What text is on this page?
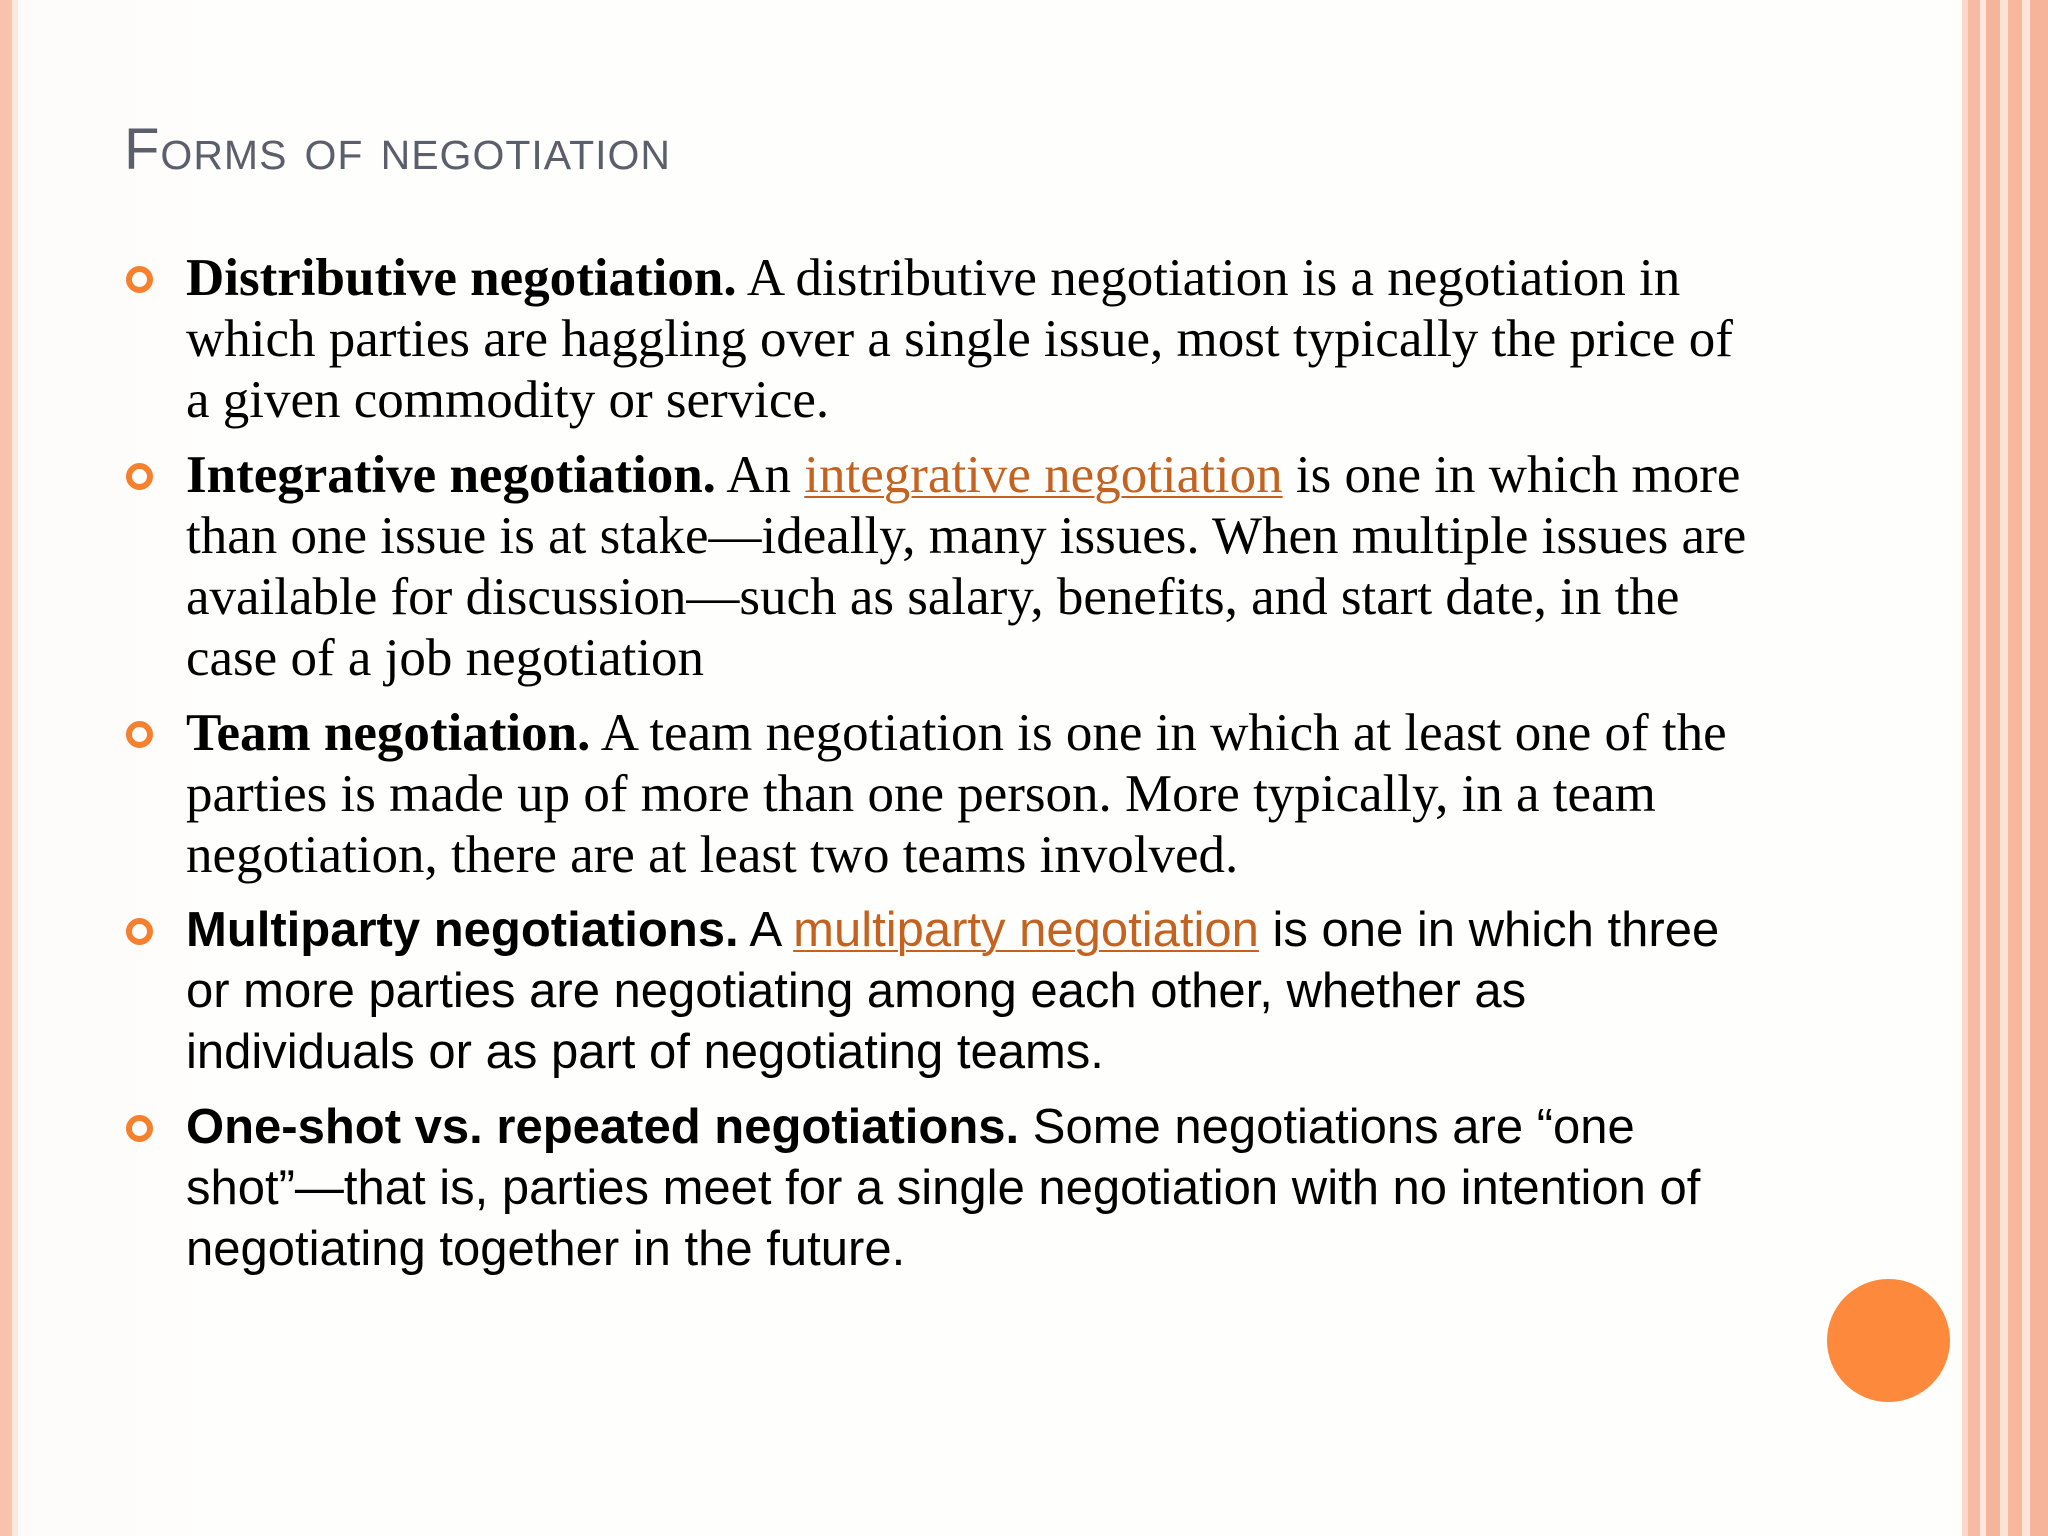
Forms of negotiation
Distributive negotiation. A distributive negotiation is a negotiation in which parties are haggling over a single issue, most typically the price of a given commodity or service.
Integrative negotiation. An integrative negotiation is one in which more than one issue is at stake—ideally, many issues. When multiple issues are available for discussion—such as salary, benefits, and start date, in the case of a job negotiation
Team negotiation. A team negotiation is one in which at least one of the parties is made up of more than one person. More typically, in a team negotiation, there are at least two teams involved.
Multiparty negotiations. A multiparty negotiation is one in which three or more parties are negotiating among each other, whether as individuals or as part of negotiating teams.
One-shot vs. repeated negotiations. Some negotiations are “one shot”—that is, parties meet for a single negotiation with no intention of negotiating together in the future.
